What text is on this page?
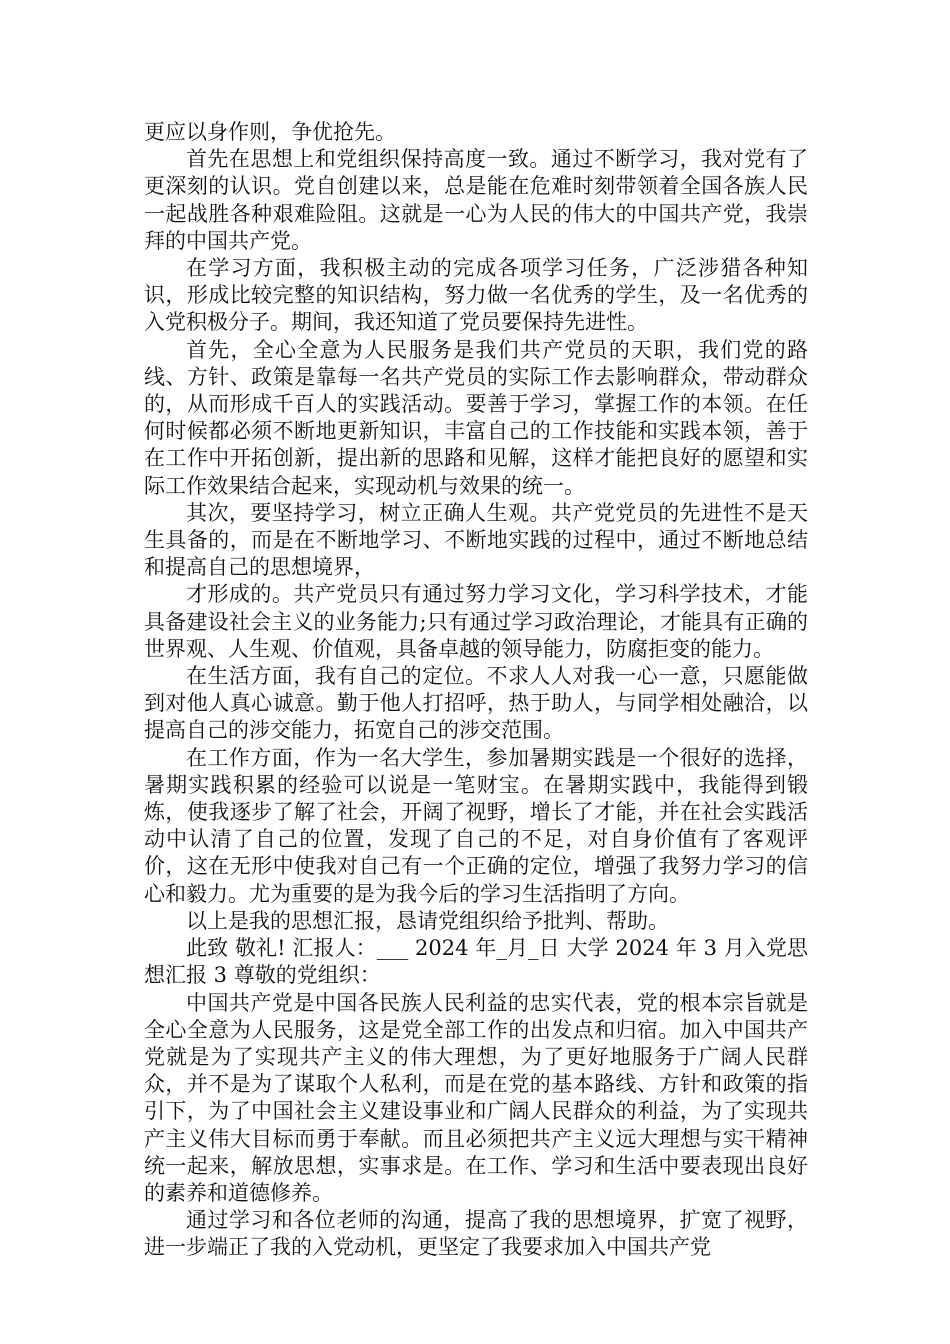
更应以身作则，争优抢先。

首先在思想上和党组织保持高度一致。通过不断学习，我对党有了更深刻的认识。党自创建以来，总是能在危难时刻带领着全国各族人民一起战胜各种艰难险阻。这就是一心为人民的伟大的中国共产党，我崇拜的中国共产党。

在学习方面，我积极主动的完成各项学习任务，广泛涉猎各种知识，形成比较完整的知识结构，努力做一名优秀的学生，及一名优秀的入党积极分子。期间，我还知道了党员要保持先进性。

首先，全心全意为人民服务是我们共产党员的天职，我们党的路线、方针、政策是靠每一名共产党员的实际工作去影响群众，带动群众的，从而形成千百人的实践活动。要善于学习，掌握工作的本领。在任何时候都必须不断地更新知识，丰富自己的工作技能和实践本领，善于在工作中开拓创新，提出新的思路和见解，这样才能把良好的愿望和实际工作效果结合起来，实现动机与效果的统一。

其次，要坚持学习，树立正确人生观。共产党党员的先进性不是天生具备的，而是在不断地学习、不断地实践的过程中，通过不断地总结和提高自己的思想境界，

才形成的。共产党员只有通过努力学习文化，学习科学技术，才能具备建设社会主义的业务能力;只有通过学习政治理论，才能具有正确的世界观、人生观、价值观，具备卓越的领导能力，防腐拒变的能力。

在生活方面，我有自己的定位。不求人人对我一心一意，只愿能做到对他人真心诚意。勤于他人打招呼，热于助人，与同学相处融洽，以提高自己的涉交能力，拓宽自己的涉交范围。

在工作方面，作为一名大学生，参加暑期实践是一个很好的选择，暑期实践积累的经验可以说是一笔财宝。在暑期实践中，我能得到锻炼，使我逐步了解了社会，开阔了视野，增长了才能，并在社会实践活动中认清了自己的位置，发现了自己的不足，对自身价值有了客观评价，这在无形中使我对自己有一个正确的定位，增强了我努力学习的信心和毅力。尤为重要的是为我今后的学习生活指明了方向。

以上是我的思想汇报，恳请党组织给予批判、帮助。

此致 敬礼! 汇报人：___ 2024 年_月_日 大学 2024 年 3 月入党思想汇报 3 尊敬的党组织：

中国共产党是中国各民族人民利益的忠实代表，党的根本宗旨就是全心全意为人民服务，这是党全部工作的出发点和归宿。加入中国共产党就是为了实现共产主义的伟大理想，为了更好地服务于广阔人民群众，并不是为了谋取个人私利，而是在党的基本路线、方针和政策的指引下，为了中国社会主义建设事业和广阔人民群众的利益，为了实现共产主义伟大目标而勇于奉献。而且必须把共产主义远大理想与实干精神统一起来，解放思想，实事求是。在工作、学习和生活中要表现出良好的素养和道德修养。

通过学习和各位老师的沟通，提高了我的思想境界，扩宽了视野，进一步端正了我的入党动机，更坚定了我要求加入中国共产党
